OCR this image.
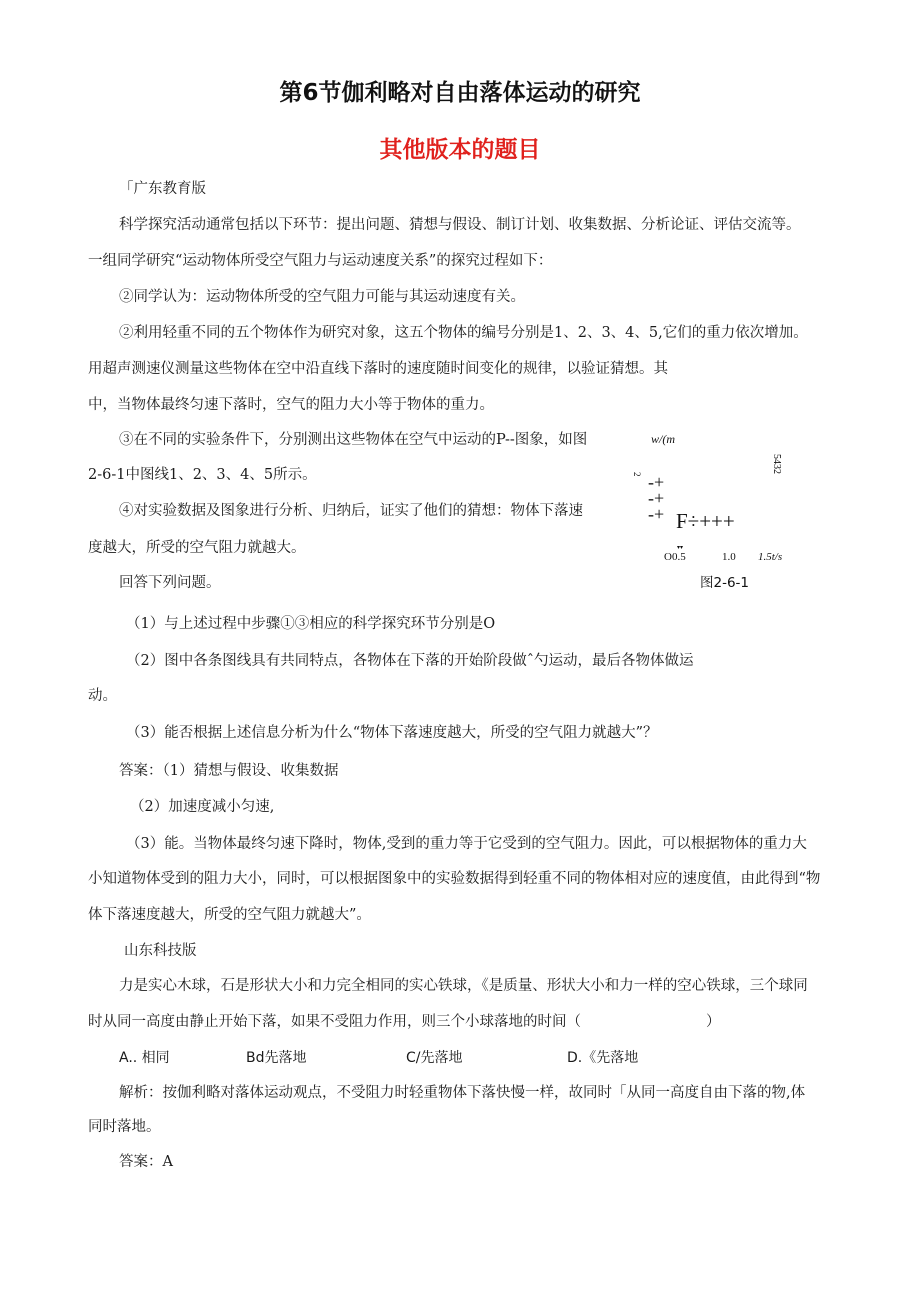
第6节伽利略对自由落体运动的研究
其他版本的题目
「广东教育版
科学探究活动通常包括以下环节：提出问题、猜想与假设、制订计划、收集数据、分析论证、评估交流等。
一组同学研究“运动物体所受空气阻力与运动速度关系”的探究过程如下：
②同学认为：运动物体所受的空气阻力可能与其运动速度有关。
②利用轻重不同的五个物体作为研究对象，这五个物体的编号分别是1、2、3、4、5,它们的重力依次增加。
用超声测速仪测量这些物体在空中沿直线下落时的速度随时间变化的规律，以验证猜想。其
中，当物体最终匀速下落时，空气的阻力大小等于物体的重力。
③在不同的实验条件下，分别测出这些物体在空气中运动的P--图象，如图
2-6-1中图线1、2、3、4、5所示。
④对实验数据及图象进行分析、归纳后，证实了他们的猜想：物体下落速
度越大，所受的空气阻力就越大。
回答下列问题。
（1）与上述过程中步骤①③相应的科学探究环节分别是O
（2）图中各条图线具有共同特点，各物体在下落的开始阶段做ˆ勺运动，最后各物体做运
动。
（3）能否根据上述信息分析为什么“物体下落速度越大，所受的空气阻力就越大”？
答案：（1）猜想与假设、收集数据
（2）加速度减小匀速,
（3）能。当物体最终匀速下降时，物体,受到的重力等于它受到的空气阻力。因此，可以根据物体的重力大
小知道物体受到的阻力大小，同时，可以根据图象中的实验数据得到轻重不同的物体相对应的速度值，由此得到“物
体下落速度越大，所受的空气阻力就越大”。
w/(m
5432
2 -+
-+
-+ F÷+++
▾▾
O0.5	1.0 1.5t/s
图2-6-1
山东科技版
力是实心木球，石是形状大小和力完全相同的实心铁球，《是质量、形状大小和力一样的空心铁球，三个球同
时从同一高度由静止开始下落，如果不受阻力作用，则三个小球落地的时间（	）
A.. 相同	Bd先落地	C/先落地	D.《先落地
解析：按伽利略对落体运动观点，不受阻力时轻重物体下落快慢一样，故同时「从同一高度自由下落的物,体
同时落地。
答案：A
